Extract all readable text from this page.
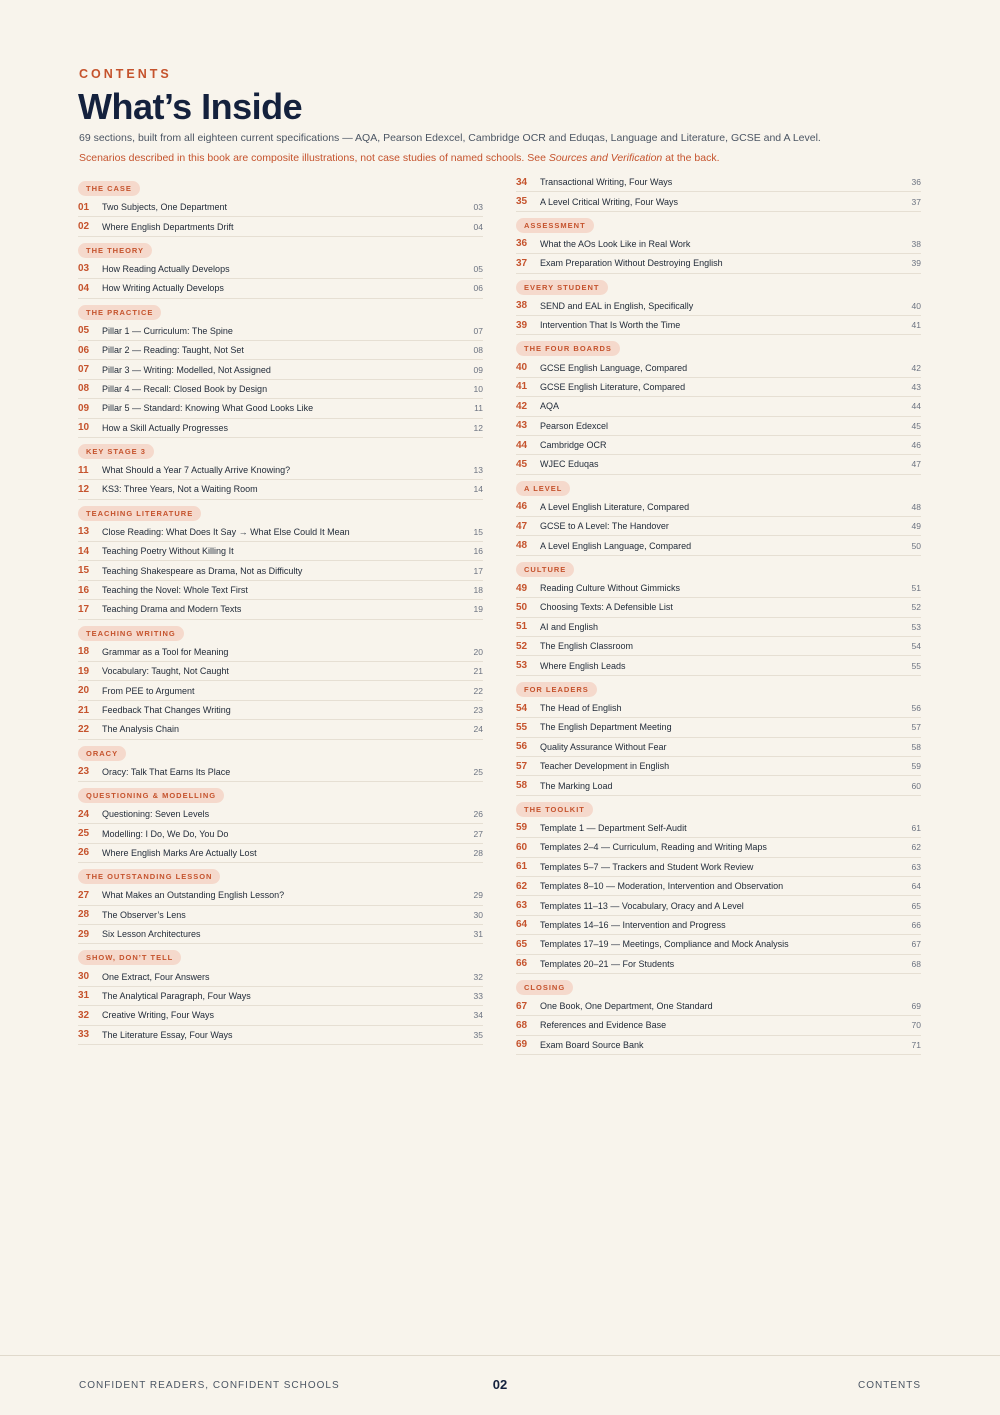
CONTENTS
What’s Inside
69 sections, built from all eighteen current specifications — AQA, Pearson Edexcel, Cambridge OCR and Eduqas, Language and Literature, GCSE and A Level.
Scenarios described in this book are composite illustrations, not case studies of named schools. See Sources and Verification at the back.
THE CASE
01	Two Subjects, One Department	03
02	Where English Departments Drift	04
THE THEORY
03	How Reading Actually Develops	05
04	How Writing Actually Develops	06
THE PRACTICE
05	Pillar 1 — Curriculum: The Spine	07
06	Pillar 2 — Reading: Taught, Not Set	08
07	Pillar 3 — Writing: Modelled, Not Assigned	09
08	Pillar 4 — Recall: Closed Book by Design	10
09	Pillar 5 — Standard: Knowing What Good Looks Like	11
10	How a Skill Actually Progresses	12
KEY STAGE 3
11	What Should a Year 7 Actually Arrive Knowing?	13
12	KS3: Three Years, Not a Waiting Room	14
TEACHING LITERATURE
13	Close Reading: What Does It Say → What Else Could It Mean	15
14	Teaching Poetry Without Killing It	16
15	Teaching Shakespeare as Drama, Not as Difficulty	17
16	Teaching the Novel: Whole Text First	18
17	Teaching Drama and Modern Texts	19
TEACHING WRITING
18	Grammar as a Tool for Meaning	20
19	Vocabulary: Taught, Not Caught	21
20	From PEE to Argument	22
21	Feedback That Changes Writing	23
22	The Analysis Chain	24
ORACY
23	Oracy: Talk That Earns Its Place	25
QUESTIONING & MODELLING
24	Questioning: Seven Levels	26
25	Modelling: I Do, We Do, You Do	27
26	Where English Marks Are Actually Lost	28
THE OUTSTANDING LESSON
27	What Makes an Outstanding English Lesson?	29
28	The Observer’s Lens	30
29	Six Lesson Architectures	31
SHOW, DON’T TELL
30	One Extract, Four Answers	32
31	The Analytical Paragraph, Four Ways	33
32	Creative Writing, Four Ways	34
33	The Literature Essay, Four Ways	35
34	Transactional Writing, Four Ways	36
35	A Level Critical Writing, Four Ways	37
ASSESSMENT
36	What the AOs Look Like in Real Work	38
37	Exam Preparation Without Destroying English	39
EVERY STUDENT
38	SEND and EAL in English, Specifically	40
39	Intervention That Is Worth the Time	41
THE FOUR BOARDS
40	GCSE English Language, Compared	42
41	GCSE English Literature, Compared	43
42	AQA	44
43	Pearson Edexcel	45
44	Cambridge OCR	46
45	WJEC Eduqas	47
A LEVEL
46	A Level English Literature, Compared	48
47	GCSE to A Level: The Handover	49
48	A Level English Language, Compared	50
CULTURE
49	Reading Culture Without Gimmicks	51
50	Choosing Texts: A Defensible List	52
51	AI and English	53
52	The English Classroom	54
53	Where English Leads	55
FOR LEADERS
54	The Head of English	56
55	The English Department Meeting	57
56	Quality Assurance Without Fear	58
57	Teacher Development in English	59
58	The Marking Load	60
THE TOOLKIT
59	Template 1 — Department Self-Audit	61
60	Templates 2–4 — Curriculum, Reading and Writing Maps	62
61	Templates 5–7 — Trackers and Student Work Review	63
62	Templates 8–10 — Moderation, Intervention and Observation	64
63	Templates 11–13 — Vocabulary, Oracy and A Level	65
64	Templates 14–16 — Intervention and Progress	66
65	Templates 17–19 — Meetings, Compliance and Mock Analysis	67
66	Templates 20–21 — For Students	68
CLOSING
67	One Book, One Department, One Standard	69
68	References and Evidence Base	70
69	Exam Board Source Bank	71
CONFIDENT READERS, CONFIDENT SCHOOLS	02	CONTENTS
